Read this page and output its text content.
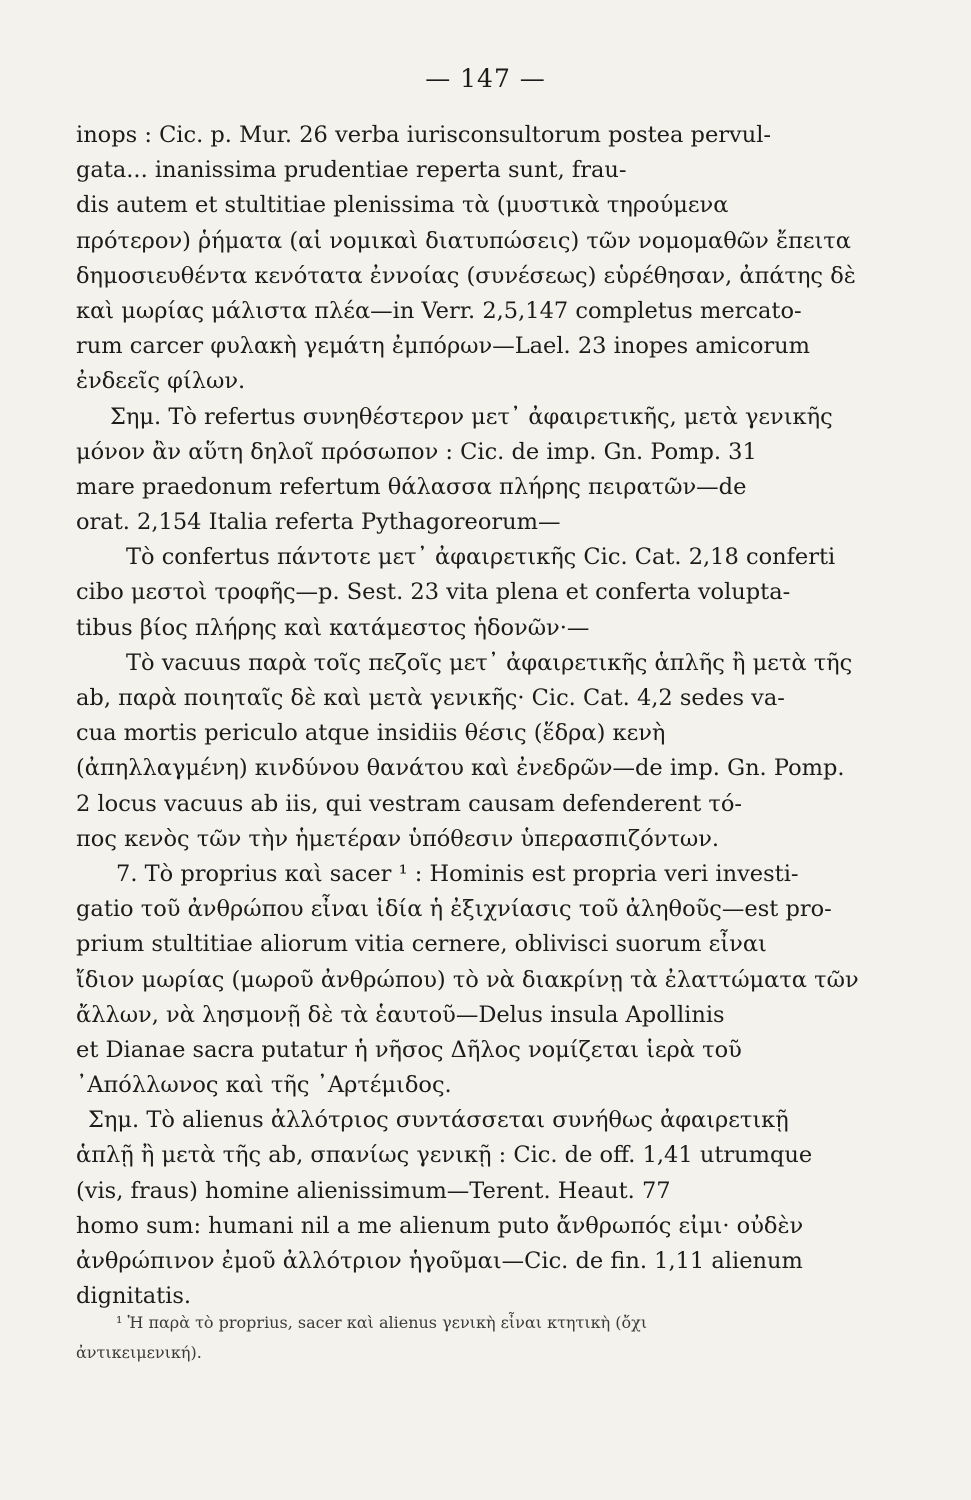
— 147 —
inops : Cic. p. Mur. 26 verba iurisconsultorum postea pervul-
gata... inanissima prudentiae reperta sunt, frau-
dis autem et stultitiae plenissima τὰ (μυστικὰ τηρούμενα
πρότερον) ῥήματα (αἱ νομικαὶ διατυπώσεις) τῶν νομομαθῶν ἔπειτα
δημοσιευθέντα κενότατα ἐννοίας (συνέσεως) εὑρέθησαν, ἀπάτης δὲ
καὶ μωρίας μάλιστα πλέα—in Verr. 2,5,147 completus mercato-
rum carcer φυλακὴ γεμάτη ἐμπόρων—Lael. 23 inopes amicorum
ἐνδεεῖς φίλων.
Σημ. Τὸ refertus συνηθέστερον μετ᾽ ἀφαιρετικῆς, μετὰ γενικῆς
μόνον ἂν αὕτη δηλοῖ πρόσωπον : Cic. de imp. Gn. Pomp. 31
mare praedonum refertum θάλασσα πλήρης πειρατῶν—de
orat. 2,154 Italia referta Pythagoreorum—
Τὸ confertus πάντοτε μετ᾽ ἀφαιρετικῆς Cic. Cat. 2,18 conferti
cibo μεστοὶ τροφῆς—p. Sest. 23 vita plena et conferta volupta-
tibus βίος πλήρης καὶ κατάμεστος ἡδονῶν·—
Τὸ vacuus παρὰ τοῖς πεζοῖς μετ᾽ ἀφαιρετικῆς ἁπλῆς ἢ μετὰ τῆς
ab, παρὰ ποιηταῖς δὲ καὶ μετὰ γενικῆς· Cic. Cat. 4,2 sedes va-
cua mortis periculo atque insidiis θέσις (ἕδρα) κενὴ
(ἀπηλλαγμένη) κινδύνου θανάτου καὶ ἐνεδρῶν—de imp. Gn. Pomp.
2 locus vacuus ab iis, qui vestram causam defenderent τό-
πος κενὸς τῶν τὴν ἡμετέραν ὑπόθεσιν ὑπερασπιζόντων.
7. Τὸ proprius καὶ sacer ¹ : Hominis est propria veri investi-
gatio τοῦ ἀνθρώπου εἶναι ἰδία ἡ ἐξιχνίασις τοῦ ἀληθοῦς—est pro-
prium stultitiae aliorum vitia cernere, oblivisci suorum εἶναι
ἴδιον μωρίας (μωροῦ ἀνθρώπου) τὸ νὰ διακρίνῃ τὰ ἐλαττώματα τῶν
ἄλλων, νὰ λησμονῇ δὲ τὰ ἑαυτοῦ—Delus insula Apollinis
et Dianae sacra putatur ἡ νῆσος Δῆλος νομίζεται ἱερὰ τοῦ
᾿Απόλλωνος καὶ τῆς ᾿Αρτέμιδος.
Σημ. Τὸ alienus ἀλλότριος συντάσσεται συνήθως ἀφαιρετικῇ
ἁπλῇ ἢ μετὰ τῆς ab, σπανίως γενικῇ : Cic. de off. 1,41 utrumque
(vis, fraus) homine alienissimum—Terent. Heaut. 77
homo sum: humani nil a me alienum puto ἄνθρωπός εἰμι· οὐδὲν
ἀνθρώπινον ἐμοῦ ἀλλότριον ἡγοῦμαι—Cic. de fin. 1,11 alienum
dignitatis.
¹ Ἡ παρὰ τὸ proprius, sacer καὶ alienus γενικὴ εἶναι κτητικὴ (ὄχι
ἀντικειμενική).
